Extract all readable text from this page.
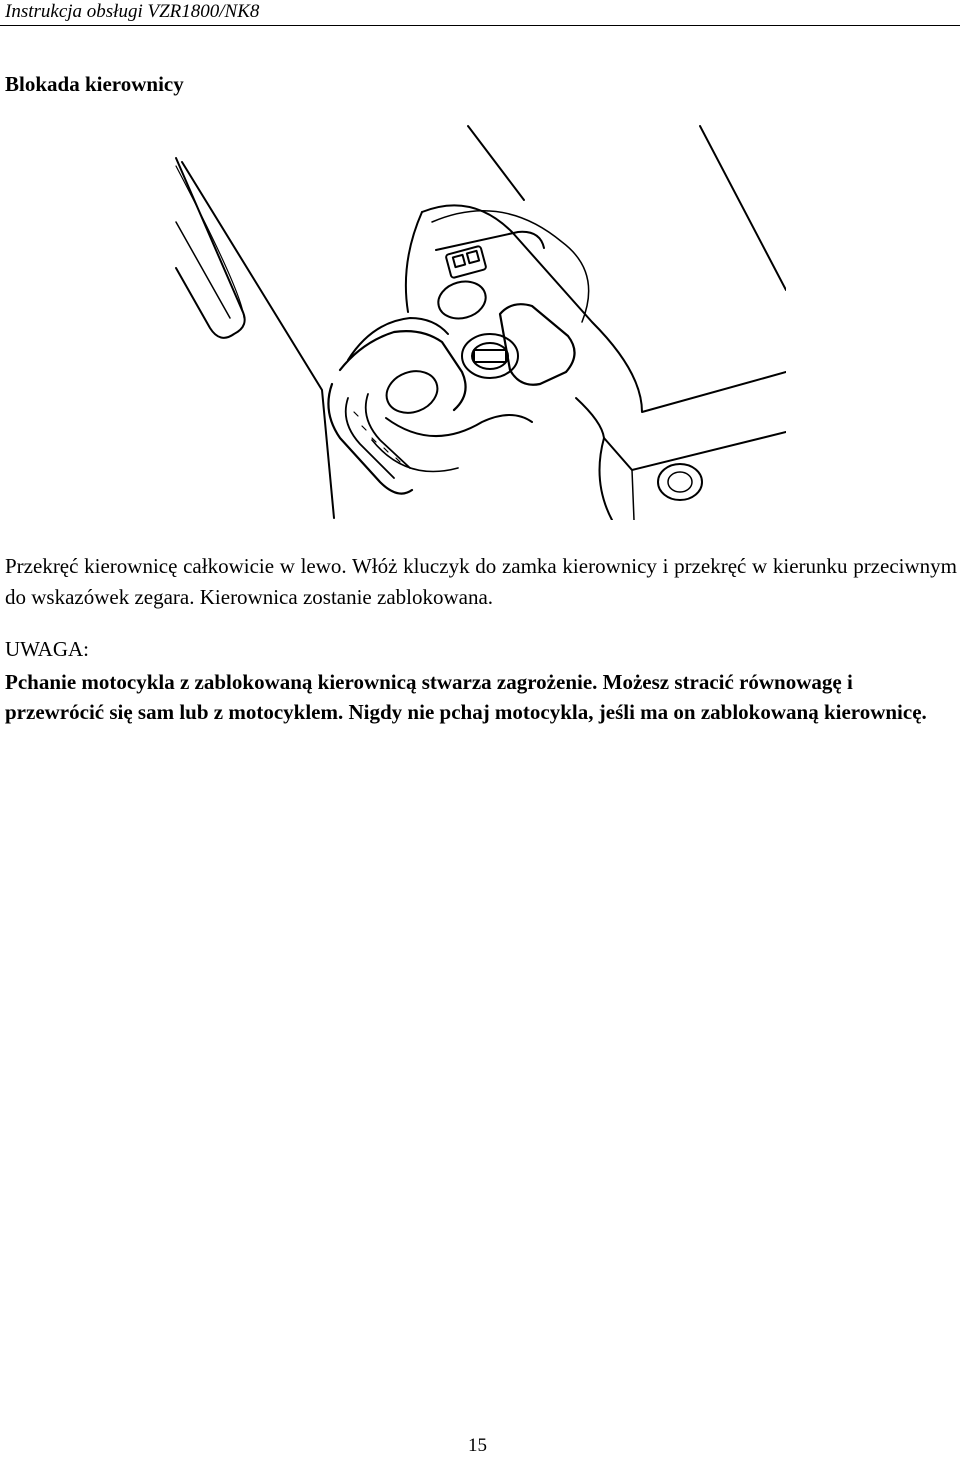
Instrukcja obsługi VZR1800/NK8
Blokada kierownicy
Przekręć kierownicę całkowicie w lewo. Włóż kluczyk do zamka kierownicy i przekręć w kierunku przeciwnym do wskazówek zegara. Kierownica zostanie zablokowana.
UWAGA:
Pchanie motocykla z zablokowaną kierownicą stwarza zagrożenie. Możesz stracić równowagę i przewrócić się sam lub z motocyklem. Nigdy nie pchaj motocykla, jeśli ma on zablokowaną kierownicę.
15
